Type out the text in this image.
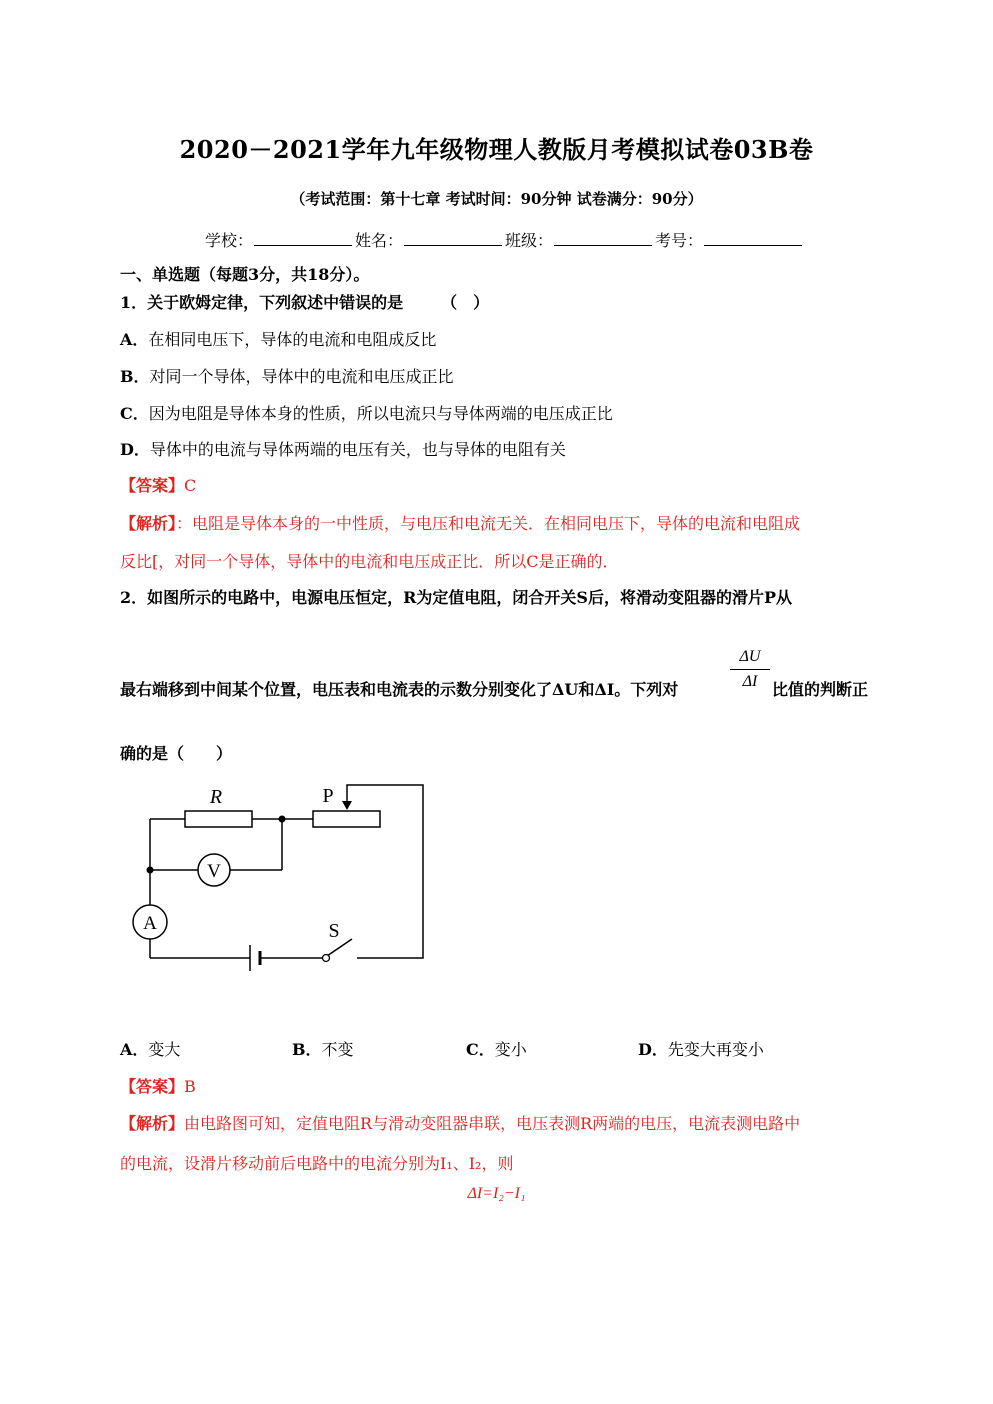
2020－2021学年九年级物理人教版月考模拟试卷03B卷
（考试范围：第十七章 考试时间：90分钟 试卷满分：90分）
学校：	姓名：	班级：	考号：
一、单选题（每题3分，共18分）。
1．关于欧姆定律，下列叙述中错误的是 （　）
A．在相同电压下，导体的电流和电阻成反比
B．对同一个导体，导体中的电流和电压成正比
C．因为电阻是导体本身的性质，所以电流只与导体两端的电压成正比
D．导体中的电流与导体两端的电压有关，也与导体的电阻有关
【答案】C
【解析】：电阻是导体本身的一中性质，与电压和电流无关．在相同电压下，导体的电流和电阻成
反比[，对同一个导体，导体中的电流和电压成正比．所以C是正确的．
2．如图所示的电路中，电源电压恒定，R为定值电阻，闭合开关S后，将滑动变阻器的滑片P从
最右端移到中间某个位置，电压表和电流表的示数分别变化了ΔU和ΔI。下列对
ΔU
ΔI 比值的判断正
确的是（　　）
R	P
V
A	S
A．变大	B．不变	C．变小	D．先变大再变小
【答案】B
【解析】由电路图可知，定值电阻R与滑动变阻器串联，电压表测R两端的电压，电流表测电路中
的电流，设滑片移动前后电路中的电流分别为I₁、I₂，则
ΔI=I₂−I₁
